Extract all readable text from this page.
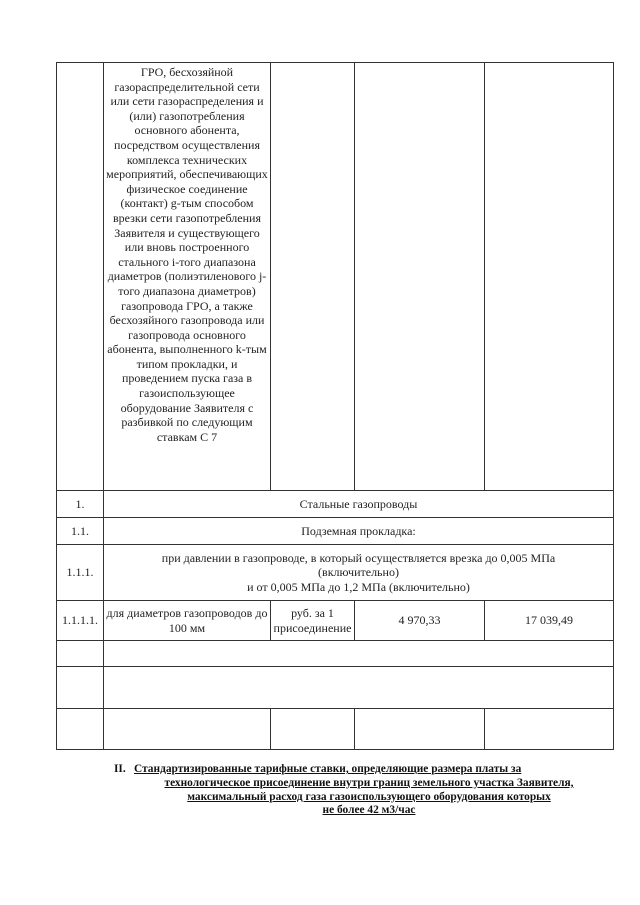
	ГРО, бесхозяйной газораспределительной сети или сети газораспределения и (или) газопотребления основного абонента, посредством осуществления комплекса технических мероприятий, обеспечивающих физическое соединение (контакт) g-тым способом врезки сети газопотребления Заявителя и существующего или вновь построенного стального i-того диапазона диаметров (полиэтиленового j-того диапазона диаметров) газопровода ГРО, а также бесхозяйного газопровода или газопровода основного абонента, выполненного k-тым типом прокладки, и проведением пуска газа в газоиспользующее оборудование Заявителя с разбивкой по следующим ставкам С 7			
1.	Стальные газопроводы			
1.1.	Подземная прокладка:			
1.1.1.	при давлении в газопроводе, в который осуществляется врезка до 0,005 МПа
(включительно)
и от 0,005 МПа до 1,2 МПа (включительно)			

1.1.1.1.	для диаметров газопроводов до 100 мм	руб. за 1 присоединение	4 970,33	17 039,49

II. Стандартизированные тарифные ставки, определяющие размера платы за
технологическое присоединение внутри границ земельного участка Заявителя,
максимальный расход газа газоиспользующего оборудования которых
не более 42 м3/час
